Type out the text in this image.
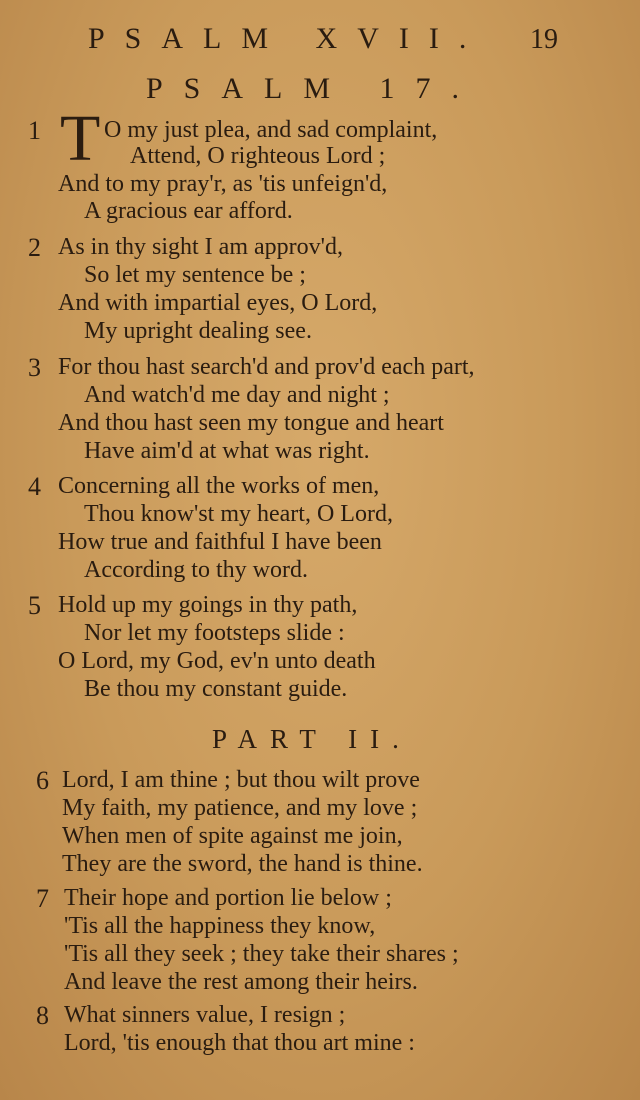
PSALM XVII. 19
PSALM 17.
1 T O my just plea, and sad complaint,
Attend, O righteous Lord ;
And to my pray'r, as 'tis unfeign'd,
A gracious ear afford.
2 As in thy sight I am approv'd,
So let my sentence be ;
And with impartial eyes, O Lord,
My upright dealing see.
3 For thou hast search'd and prov'd each part,
And watch'd me day and night ;
And thou hast seen my tongue and heart
Have aim'd at what was right.
4 Concerning all the works of men,
Thou know'st my heart, O Lord,
How true and faithful I have been
According to thy word.
5 Hold up my goings in thy path,
Nor let my footsteps slide :
O Lord, my God, ev'n unto death
Be thou my constant guide.
PART II.
6 Lord, I am thine ; but thou wilt prove
My faith, my patience, and my love ;
When men of spite against me join,
They are the sword, the hand is thine.
7 Their hope and portion lie below ;
'Tis all the happiness they know,
'Tis all they seek ; they take their shares ;
And leave the rest among their heirs.
8 What sinners value, I resign ;
Lord, 'tis enough that thou art mine :
